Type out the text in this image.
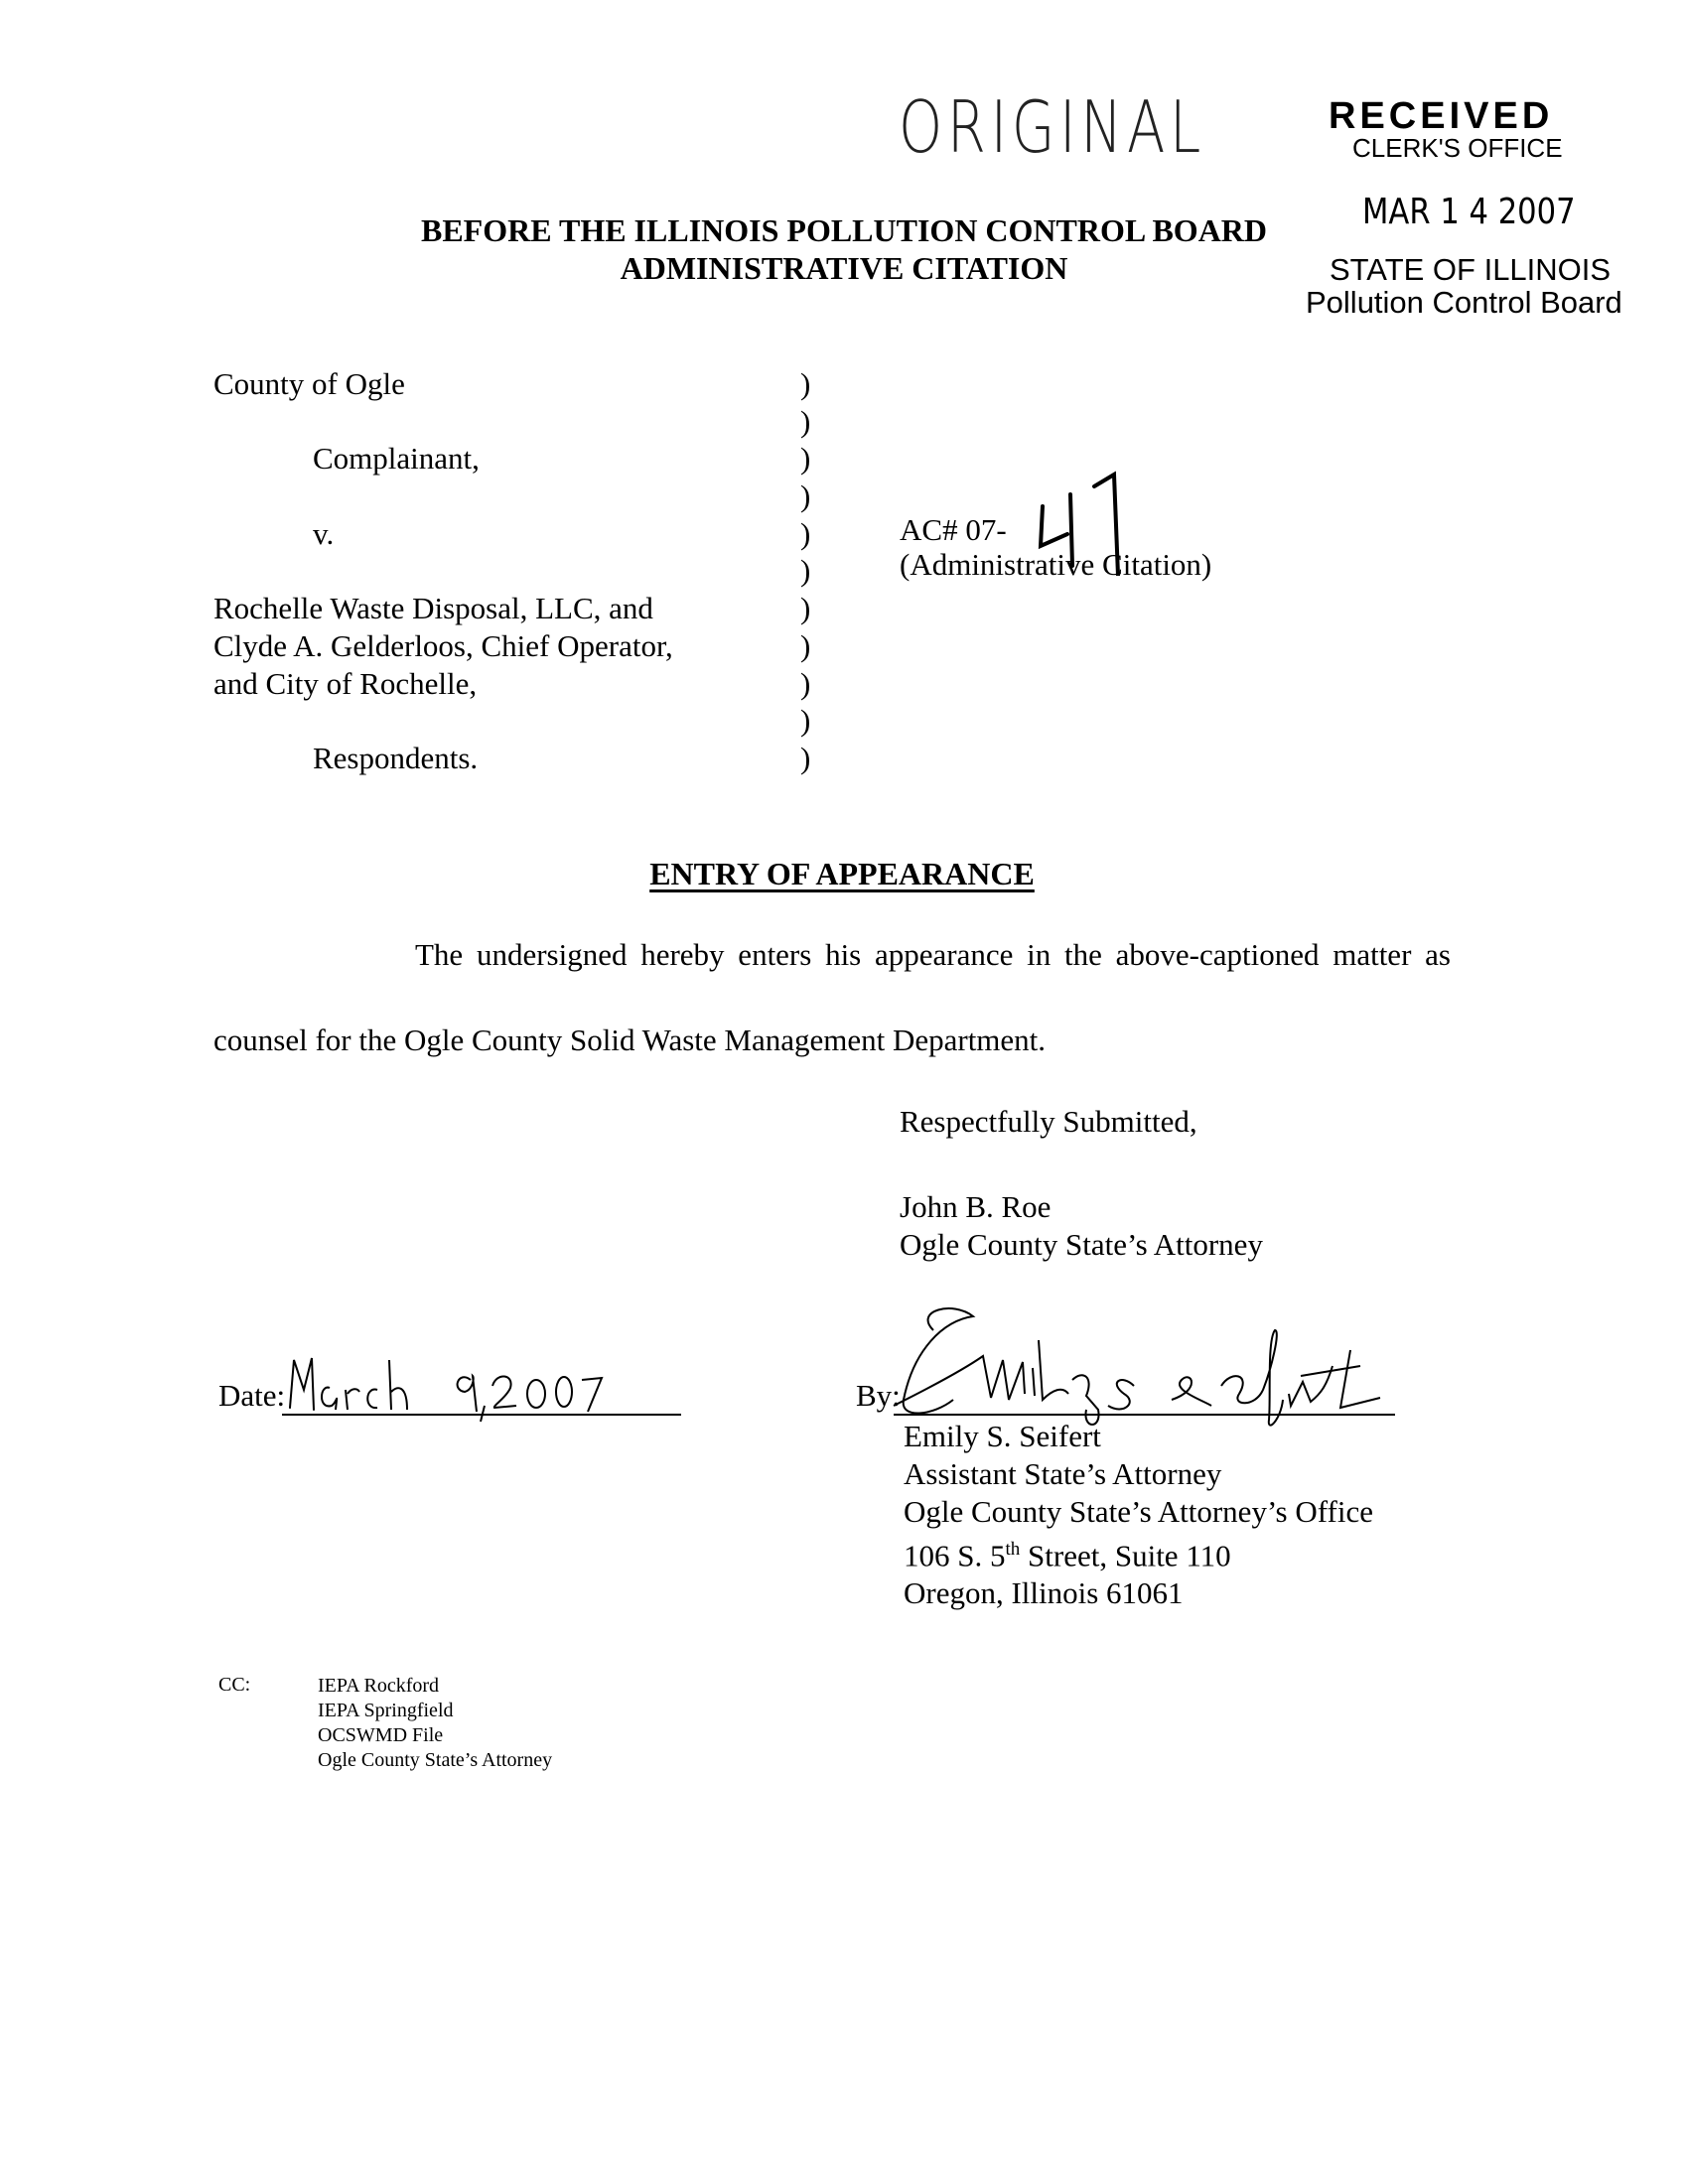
ORIGINAL	RECEIVED
CLERK'S OFFICE
MAR 1 4 2007
STATE OF ILLINOIS
Pollution Control Board
BEFORE THE ILLINOIS POLLUTION CONTROL BOARD
ADMINISTRATIVE CITATION
County of Ogle
Complainant,
v.
Rochelle Waste Disposal, LLC, and
Clyde A. Gelderloos, Chief Operator,
and City of Rochelle,
Respondents.
)
)
)
)
)
)
)
)
)
)
)
AC# 07-
(Administrative Citation)
ENTRY OF APPEARANCE
The undersigned hereby enters his appearance in the above-captioned matter as
counsel for the Ogle County Solid Waste Management Department.
Respectfully Submitted,
John B. Roe
Ogle County State’s Attorney
Date:	By:
Emily S. Seifert
Assistant State’s Attorney
Ogle County State’s Attorney’s Office
106 S. 5th Street, Suite 110
Oregon, Illinois 61061
CC:	IEPA Rockford
IEPA Springfield
OCSWMD File
Ogle County State’s Attorney
